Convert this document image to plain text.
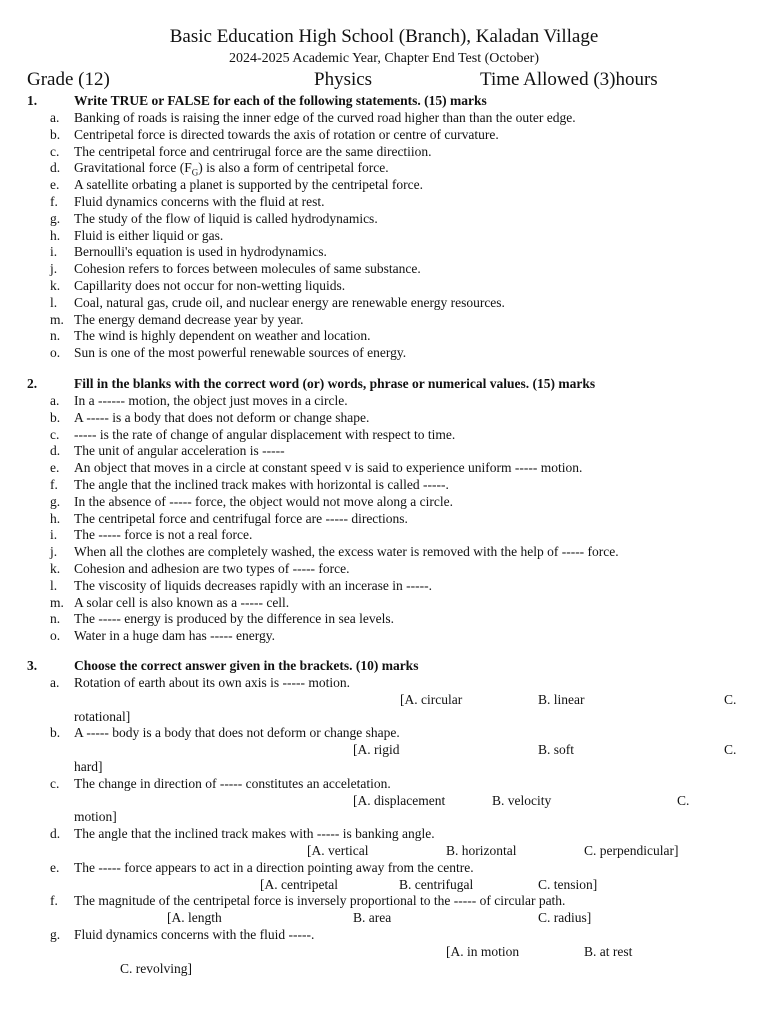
Basic Education High School (Branch), Kaladan Village
2024-2025 Academic Year, Chapter End Test (October)
Grade (12)	Physics	Time Allowed (3)hours
1.	Write TRUE or FALSE for each of the following statements. (15) marks
a. Banking of roads is raising the inner edge of the curved road higher than than the outer edge.
b. Centripetal force is directed towards the axis of rotation or centre of curvature.
c. The centripetal force and centrirugal force are the same directiion.
d. Gravitational force $(F_G)$ is also a form of centripetal force.
e. A satellite orbating a planet is supported by the centripetal force.
f. Fluid dynamics concerns with the fluid at rest.
g. The study of the flow of liquid is called hydrodynamics.
h. Fluid is either liquid or gas.
i. Bernoulli's equation is used in hydrodynamics.
j. Cohesion refers to forces between molecules of same substance.
k. Capillarity does not occur for non-wetting liquids.
l. Coal, natural gas, crude oil, and nuclear energy are renewable energy resources.
m. The energy demand decrease year by year.
n. The wind is highly dependent on weather and location.
o. Sun is one of the most powerful renewable sources of energy.
2.	Fill in the blanks with the correct word (or) words, phrase or numerical values. (15) marks
a. In a ------ motion, the object just moves in a circle.
b. A ----- is a body that does not deform or change shape.
c. ----- is the rate of change of angular displacement with respect to time.
d. The unit of angular acceleration is -----
e. An object that moves in a circle at constant speed v is said to experience uniform ----- motion.
f. The angle that the inclined track makes with horizontal is called -----.
g. In the absence of ----- force, the object would not move along a circle.
h. The centripetal force and centrifugal force are ----- directions.
i. The ----- force is not a real force.
j. When all the clothes are completely washed, the excess water is removed with the help of ----- force.
k. Cohesion and adhesion are two types of ----- force.
l. The viscosity of liquids decreases rapidly with an incerase in -----.
m. A solar cell is also known as a ----- cell.
n. The ----- energy is produced by the difference in sea levels.
o. Water in a huge dam has ----- energy.
3.	Choose the correct answer given in the brackets. (10) marks
a. Rotation of earth about its own axis is ----- motion.
[A. circular	B. linear	C.
rotational]
b. A ----- body is a body that does not deform or change shape.
[A. rigid	B. soft	C.
hard]
c. The change in direction of ----- constitutes an acceletation.
[A. displacement	B. velocity	C.
motion]
d. The angle that the inclined track makes with ----- is banking angle.
[A. vertical	B. horizontal	C. perpendicular]
e. The ----- force appears to act in a direction pointing away from the centre.
[A. centripetal	B. centrifugal	C. tension]
f. The magnitude of the centripetal force is inversely proportional to the ----- of circular path.
[A. length	B. area	C. radius]
g. Fluid dynamics concerns with the fluid -----.
[A. in motion	B. at rest
C. revolving]
